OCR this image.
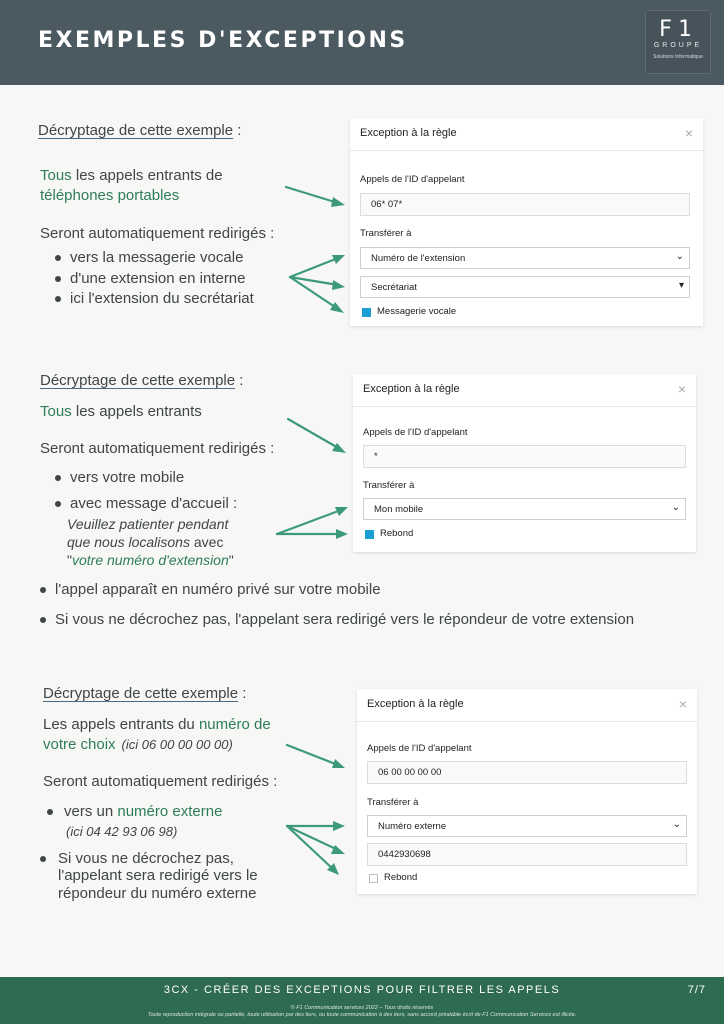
EXEMPLES D'EXCEPTIONS	F1
GROUPE
Solutions Informatique
Décryptage de cette exemple :
Tous les appels entrants de
téléphones portables
Seront automatiquement redirigés :
vers la messagerie vocale
d'une extension en interne
ici l'extension du secrétariat
Exception à la règle	×
Appels de l'ID d'appelant
06* 07*
Transférer à
Numéro de l'extension	⌄
Secrétariat	▾
Messagerie vocale
Décryptage de cette exemple :
Tous les appels entrants
Seront automatiquement redirigés :
vers votre mobile
avec message d'accueil :
Veuillez patienter pendant
que nous localisons avec
"votre numéro d'extension"
l'appel apparaît en numéro privé sur votre mobile
Si vous ne décrochez pas, l'appelant sera redirigé vers le répondeur de votre extension
Exception à la règle	×
Appels de l'ID d'appelant
*
Transférer à
Mon mobile	⌄
Rebond
Décryptage de cette exemple :
Les appels entrants du numéro de
votre choix (ici 06 00 00 00 00)
Seront automatiquement redirigés :
vers un numéro externe
(ici 04 42 93 06 98)
Si vous ne décrochez pas,
l'appelant sera redirigé vers le
répondeur du numéro externe
Exception à la règle	×
Appels de l'ID d'appelant
06 00 00 00 00
Transférer à
Numéro externe	⌄
0442930698
Rebond
3CX - CRÉER DES EXCEPTIONS POUR FILTRER LES APPELS	7/7
© F1 Communication services 2022 – Tous droits réservés
Toute reproduction intégrale ou partielle, toute utilisation par des tiers, ou toute communication à des tiers, sans accord préalable écrit de F1 Communication Services est illicite.
